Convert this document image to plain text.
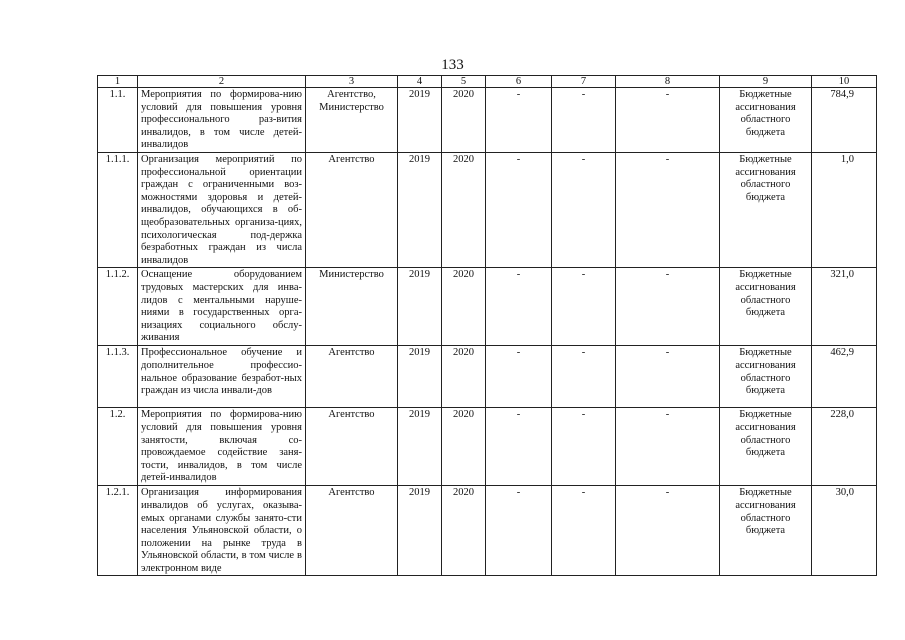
133
1	2	3	4	5	6	7	8	9	10
1.1.	Мероприятия по формирова-нию условий для повышения уровня профессионального раз-вития инвалидов, в том числе детей-инвалидов	Агентство, Министерство	2019	2020	-	-	-	Бюджетные ассигнования областного бюджета	784,9
1.1.1.	Организация мероприятий по профессиональной ориентации граждан с ограниченными воз-можностями здоровья и детей-инвалидов, обучающихся в об-щеобразовательных организа-циях, психологическая под-держка безработных граждан из числа инвалидов	Агентство	2019	2020	-	-	-	Бюджетные ассигнования областного бюджета	1,0
1.1.2.	Оснащение оборудованием трудовых мастерских для инва-лидов с ментальными наруше-ниями в государственных орга-низациях социального обслу-живания	Министерство	2019	2020	-	-	-	Бюджетные ассигнования областного бюджета	321,0
1.1.3.	Профессиональное обучение и дополнительное профессио-нальное образование безработ-ных граждан из числа инвали-дов	Агентство	2019	2020	-	-	-	Бюджетные ассигнования областного бюджета	462,9
1.2.	Мероприятия по формирова-нию условий для повышения уровня занятости, включая со-провождаемое содействие заня-тости, инвалидов, в том числе детей-инвалидов	Агентство	2019	2020	-	-	-	Бюджетные ассигнования областного бюджета	228,0
1.2.1.	Организация информирования инвалидов об услугах, оказыва-емых органами службы занято-сти населения Ульяновской области, о положении на рынке труда в Ульяновской области, в том числе в электронном виде	Агентство	2019	2020	-	-	-	Бюджетные ассигнования областного бюджета	30,0
